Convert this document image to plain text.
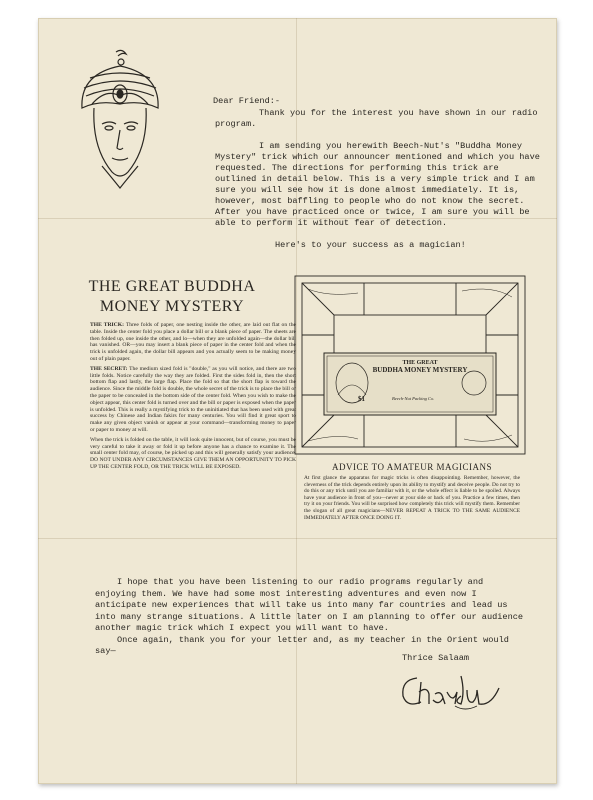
Dear Friend:-

Thank you for the interest you have shown in our radio program.

I am sending you herewith Beech-Nut's "Buddha Money Mystery" trick which our announcer mentioned and which you have requested. The directions for performing this trick are outlined in detail below. This is a very simple trick and I am sure you will see how it is done almost immediately. It is, however, most baffling to people who do not know the secret. After you have practiced once or twice, I am sure you will be able to perform it without fear of detection.

Here's to your success as a magician!

THE GREAT BUDDHA
MONEY MYSTERY

THE TRICK: Three folds of paper, one nesting inside the other, are laid out flat on the table. Inside the center fold you place a dollar bill or a blank piece of paper. The sheets are then folded up, one inside the other, and lo—when they are unfolded again—the dollar bill has vanished. OR—you may insert a blank piece of paper in the center fold and when the trick is unfolded again, the dollar bill appears and you actually seem to be making money out of plain paper.

THE SECRET: The medium sized fold is "double," as you will notice, and there are two little folds. Notice carefully the way they are folded. First the sides fold in, then the short bottom flap and lastly, the large flap. Place the fold so that the short flap is toward the audience. Since the middle fold is double, the whole secret of the trick is to place the bill or the paper to be concealed in the bottom side of the center fold. When you wish to make the object appear, this center fold is turned over and the bill or paper is exposed when the paper is unfolded. This is really a mystifying trick to the uninitiated that has been used with great success by Chinese and Indian fakirs for many centuries. You will find it great sport to make any given object vanish or appear at your command—transforming money to paper or paper to money at will.

When the trick is folded on the table, it will look quite innocent, but of course, you must be very careful to take it away or fold it up before anyone has a chance to examine it. The small center fold may, of course, be picked up and this will generally satisfy your audience. DO NOT UNDER ANY CIRCUMSTANCES GIVE THEM AN OPPORTUNITY TO PICK UP THE CENTER FOLD, OR THE TRICK WILL BE EXPOSED.

THE GREAT
BUDDHA MONEY MYSTERY
$1	Beech-Nut Packing Co.
ADVICE TO AMATEUR MAGICIANS
At first glance the apparatus for magic tricks is often disappointing. Remember, however, the cleverness of the trick depends entirely upon its ability to mystify and deceive people. Do not try to do this or any trick until you are familiar with it, or the whole effect is liable to be spoiled. Always have your audience in front of you—never at your side or back of you. Practice a few times, then try it on your friends. You will be surprised how completely this trick will mystify them. Remember the slogan of all great magicians—NEVER REPEAT A TRICK TO THE SAME AUDIENCE IMMEDIATELY AFTER ONCE DOING IT.

I hope that you have been listening to our radio programs regularly and enjoying them. We have had some most interesting adventures and even now I anticipate new experiences that will take us into many far countries and lead us into many strange situations. A little later on I am planning to offer our audience another magic trick which I expect you will want to have.

Once again, thank you for your letter and, as my teacher in the Orient would say—

Thrice Salaam
